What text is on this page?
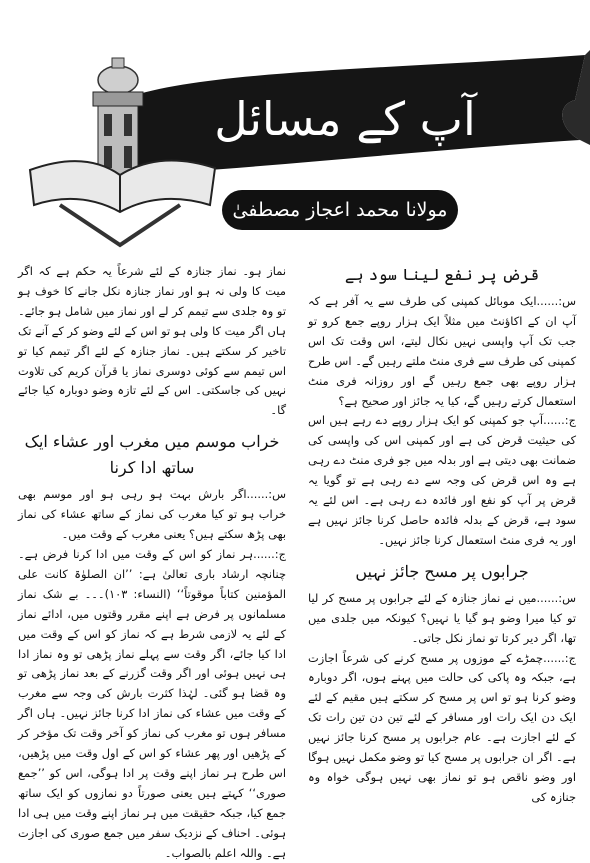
آپ کے مسائل
مولانا محمد اعجاز مصطفیٰ
قرض پر نفع لینا سود ہے

س:......ایک موبائل کمپنی کی طرف سے یہ آفر ہے کہ آپ ان کے اکاؤنٹ میں مثلاً ایک ہزار روپے جمع کرو تو جب تک آپ واپسی نہیں نکال لیتے، اس وقت تک اس کمپنی کی طرف سے فری منٹ ملتے رہیں گے۔ اس طرح ہزار روپے بھی جمع رہیں گے اور روزانہ فری منٹ استعمال کرتے رہیں گے، کیا یہ جائز اور صحیح ہے؟

ج:......آپ جو کمپنی کو ایک ہزار روپے دے رہے ہیں اس کی حیثیت قرض کی ہے اور کمپنی اس کی واپسی کی ضمانت بھی دیتی ہے اور بدلہ میں جو فری منٹ دے رہی ہے وہ اس قرض کی وجہ سے دے رہی ہے تو گویا یہ قرض پر آپ کو نفع اور فائدہ دے رہی ہے۔ اس لئے یہ سود ہے، قرض کے بدلہ فائدہ حاصل کرنا جائز نہیں ہے اور یہ فری منٹ استعمال کرنا جائز نہیں۔

جرابوں پر مسح جائز نہیں

س:......میں نے نماز جنازہ کے لئے جرابوں پر مسح کر لیا تو کیا میرا وضو ہو گیا یا نہیں؟ کیونکہ میں جلدی میں تھا، اگر دیر کرتا تو نماز نکل جاتی۔

ج:......چمڑے کے موزوں پر مسح کرنے کی شرعاً اجازت ہے، جبکہ وہ پاکی کی حالت میں پہنے ہوں، اگر دوبارہ وضو کرنا ہو تو اس پر مسح کر سکتے ہیں مقیم کے لئے ایک دن ایک رات اور مسافر کے لئے تین دن تین رات تک کے لئے اجازت ہے۔ عام جرابوں پر مسح کرنا جائز نہیں ہے۔ اگر ان جرابوں پر مسح کیا تو وضو مکمل نہیں ہوگا اور وضو ناقص ہو تو نماز بھی نہیں ہوگی خواہ وہ جنازہ کی

نماز ہو۔ نماز جنازہ کے لئے شرعاً یہ حکم ہے کہ اگر میت کا ولی نہ ہو اور نماز جنازہ نکل جانے کا خوف ہو تو وہ جلدی سے تیمم کر لے اور نماز میں شامل ہو جائے۔ ہاں اگر میت کا ولی ہو تو اس کے لئے وضو کر کے آنے تک تاخیر کر سکتے ہیں۔ نماز جنازہ کے لئے اگر تیمم کیا تو اس تیمم سے کوئی دوسری نماز یا قرآن کریم کی تلاوت نہیں کی جاسکتی۔ اس کے لئے تازہ وضو دوبارہ کیا جائے گا۔

خراب موسم میں مغرب اور عشاء ایک ساتھ ادا کرنا

س:......اگر بارش بہت ہو رہی ہو اور موسم بھی خراب ہو تو کیا مغرب کی نماز کے ساتھ عشاء کی نماز بھی پڑھ سکتے ہیں؟ یعنی مغرب کے وقت میں۔

ج:......ہر نماز کو اس کے وقت میں ادا کرنا فرض ہے۔ چنانچہ ارشاد باری تعالیٰ ہے: ’’ان الصلوٰۃ کانت علی المؤمنین کتاباً موقوتاً‘‘ (النساء: ۱۰۳)۔۔۔ بے شک نماز مسلمانوں پر فرض ہے اپنے مقرر وقتوں میں، ادائے نماز کے لئے یہ لازمی شرط ہے کہ نماز کو اس کے وقت میں ادا کیا جائے، اگر وقت سے پہلے نماز پڑھی تو وہ نماز ادا ہی نہیں ہوئی اور اگر وقت گزرنے کے بعد نماز پڑھی تو وہ قضا ہو گئی۔ لہٰذا کثرت بارش کی وجہ سے مغرب کے وقت میں عشاء کی نماز ادا کرنا جائز نہیں۔ ہاں اگر مسافر ہوں تو مغرب کی نماز کو آخر وقت تک مؤخر کر کے پڑھیں اور پھر عشاء کو اس کے اول وقت میں پڑھیں، اس طرح ہر نماز اپنے وقت پر ادا ہوگی، اس کو ’’جمع صوری‘‘ کہتے ہیں یعنی صورتاً دو نمازوں کو ایک ساتھ جمع کیا، جبکہ حقیقت میں ہر نماز اپنے وقت میں ہی ادا ہوئی۔ احناف کے نزدیک سفر میں جمع صوری کی اجازت ہے۔ واللہ اعلم بالصواب۔
